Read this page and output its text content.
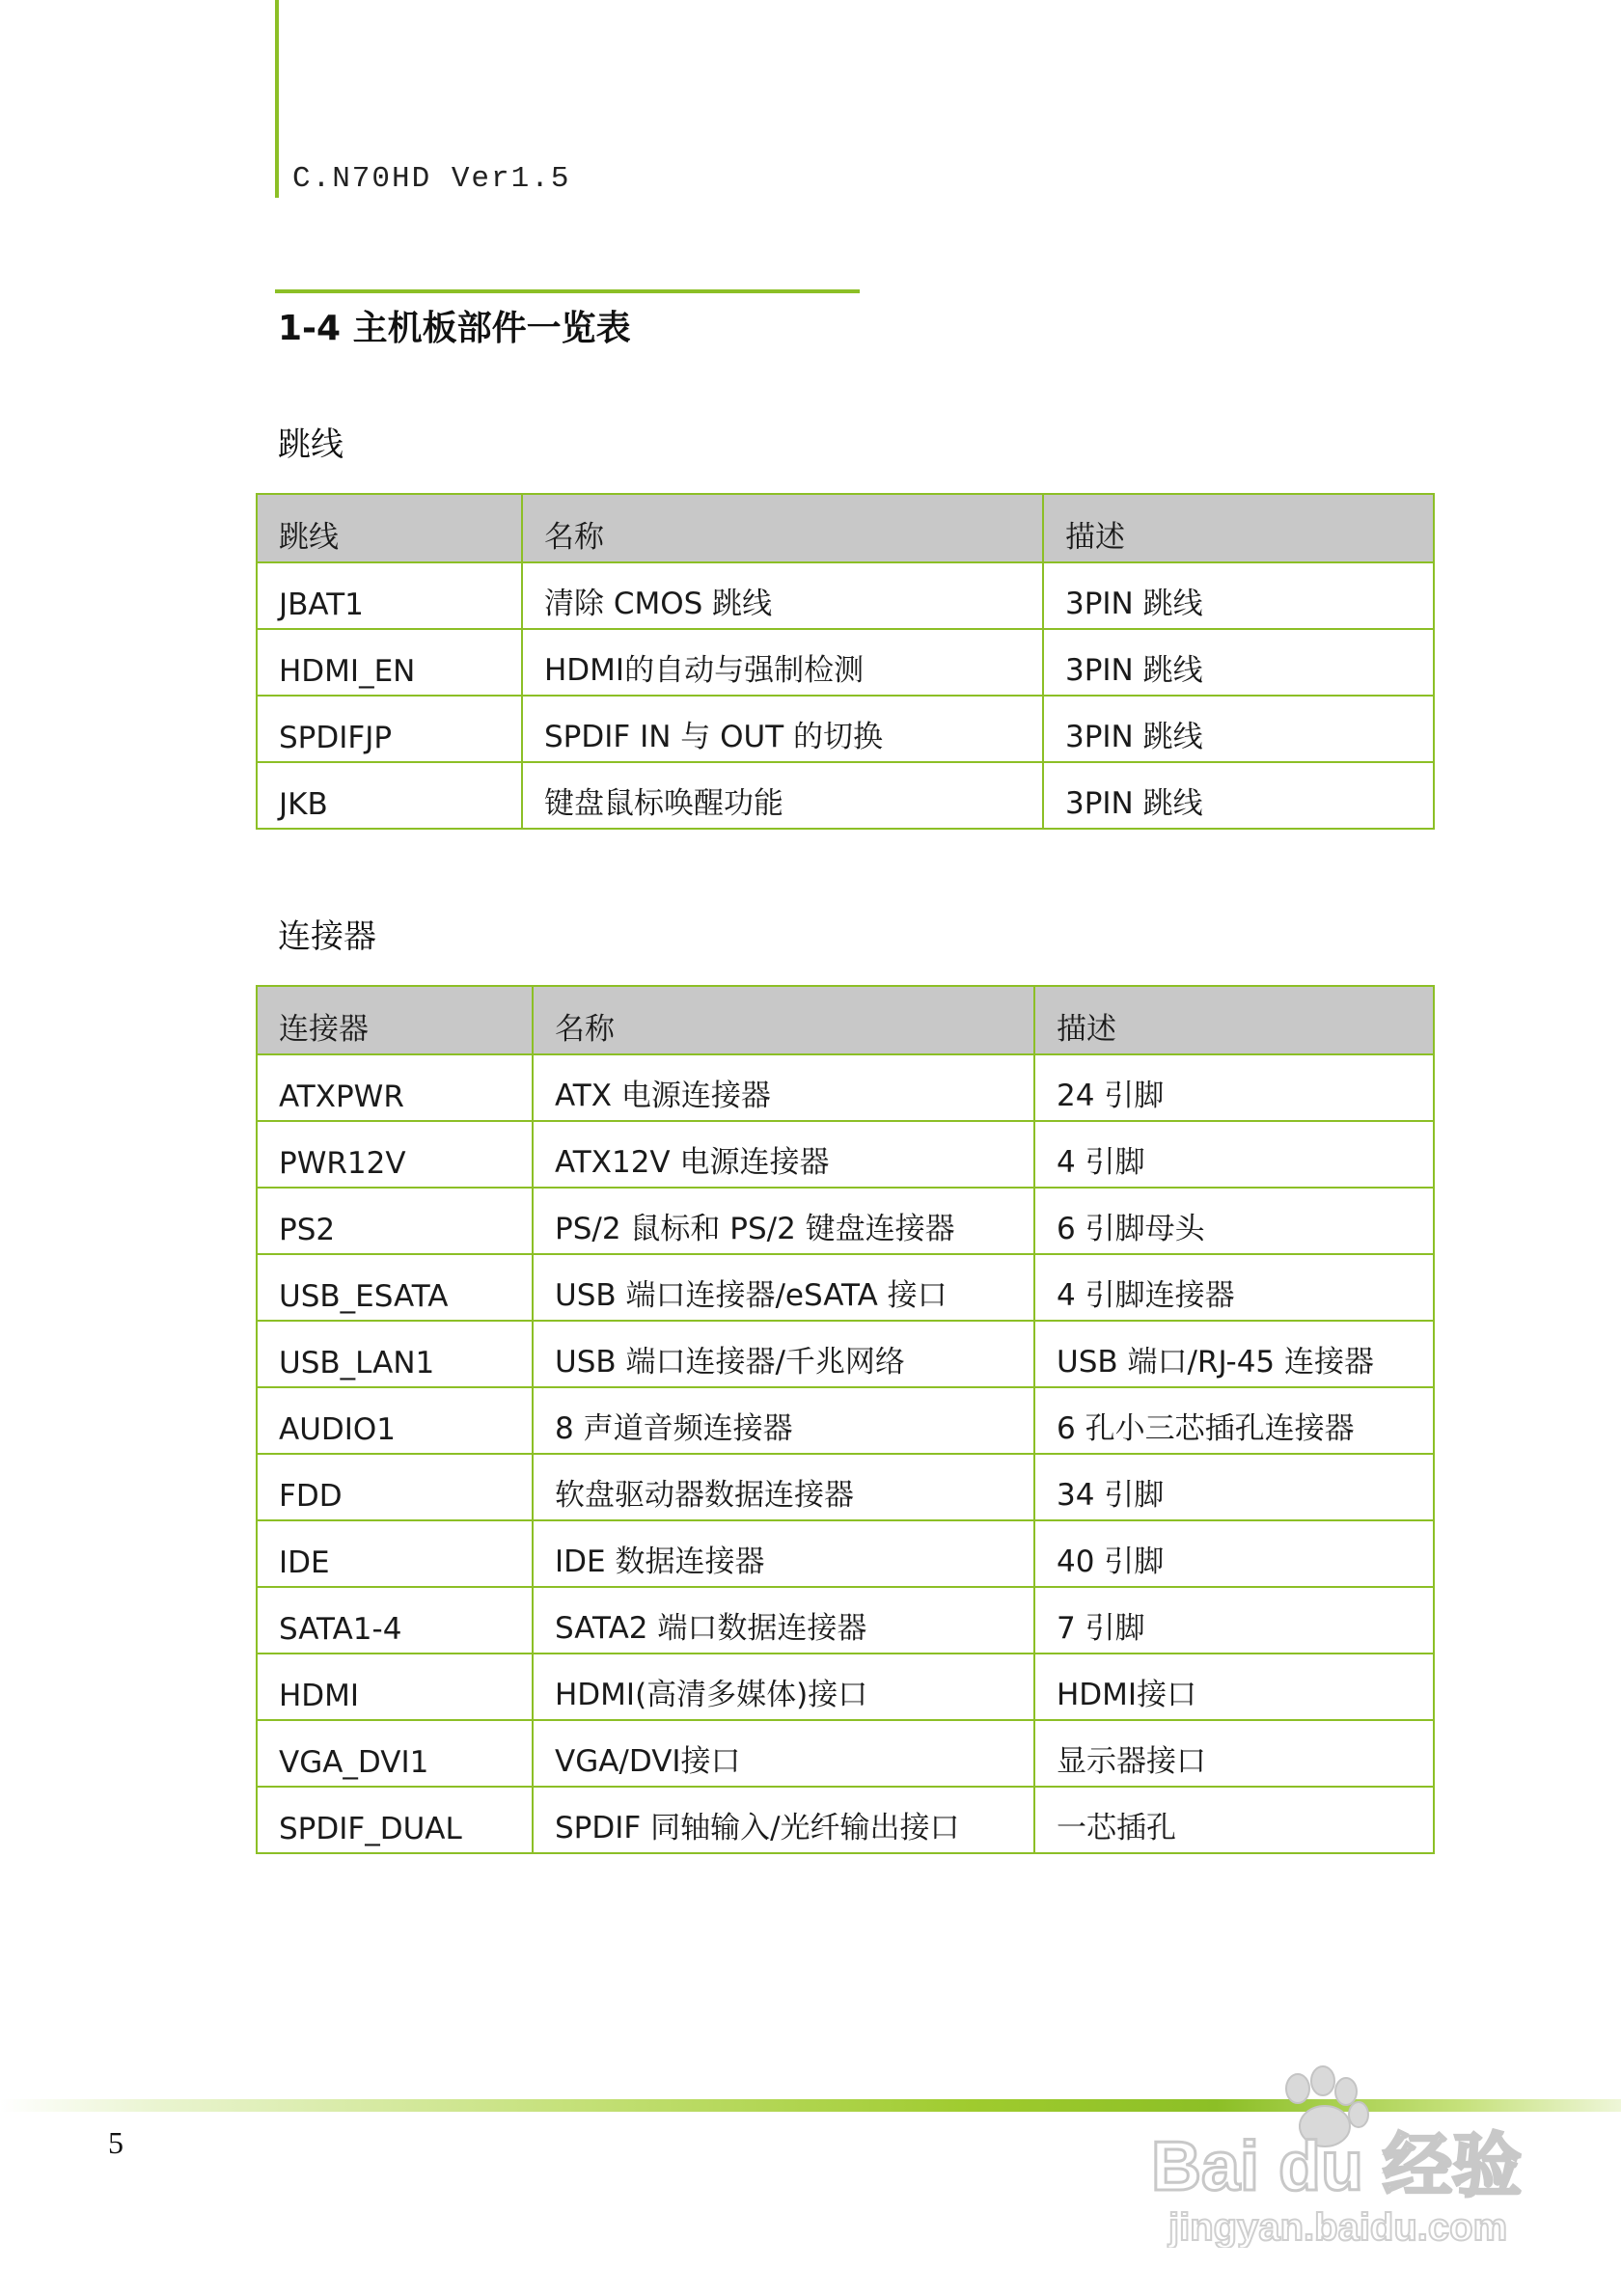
C.N70HD Ver1.5
1-4 主机板部件一览表
跳线
跳线	名称	描述
JBAT1	清除 CMOS 跳线	3PIN 跳线
HDMI_EN	HDMI的自动与强制检测	3PIN 跳线
SPDIFJP	SPDIF IN 与 OUT 的切换	3PIN 跳线
JKB	键盘鼠标唤醒功能	3PIN 跳线
连接器
连接器	名称	描述
ATXPWR	ATX 电源连接器	24 引脚
PWR12V	ATX12V 电源连接器	4 引脚
PS2	PS/2 鼠标和 PS/2 键盘连接器	6 引脚母头
USB_ESATA	USB 端口连接器/eSATA 接口	4 引脚连接器
USB_LAN1	USB 端口连接器/千兆网络	USB 端口/RJ-45 连接器
AUDIO1	8 声道音频连接器	6 孔小三芯插孔连接器
FDD	软盘驱动器数据连接器	34 引脚
IDE	IDE 数据连接器	40 引脚
SATA1-4	SATA2 端口数据连接器	7 引脚
HDMI	HDMI(高清多媒体)接口	HDMI接口
VGA_DVI1	VGA/DVI接口	显示器接口
SPDIF_DUAL	SPDIF 同轴输入/光纤输出接口	一芯插孔
5	Bai du 经验
jingyan.baidu.com
